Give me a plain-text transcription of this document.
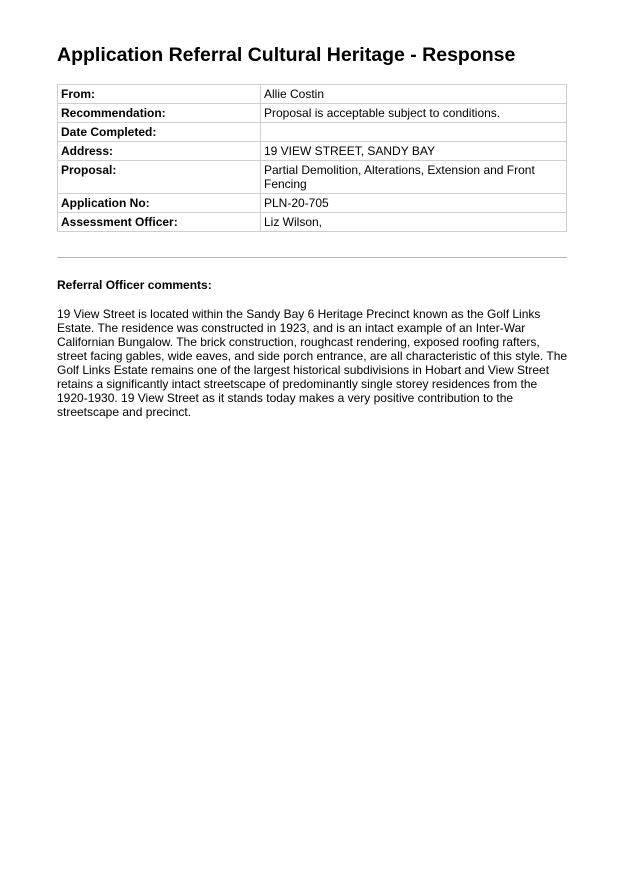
Application Referral Cultural Heritage - Response
From:	Allie Costin
Recommendation:	Proposal is acceptable subject to conditions.
Date Completed:	
Address:	19 VIEW STREET, SANDY BAY
Proposal:	Partial Demolition, Alterations, Extension and Front Fencing
Application No:	PLN-20-705
Assessment Officer:	Liz Wilson,
Referral Officer comments:

19 View Street is located within the Sandy Bay 6 Heritage Precinct known as the Golf Links Estate. The residence was constructed in 1923, and is an intact example of an Inter-War Californian Bungalow. The brick construction, roughcast rendering, exposed roofing rafters, street facing gables, wide eaves, and side porch entrance, are all characteristic of this style. The Golf Links Estate remains one of the largest historical subdivisions in Hobart and View Street retains a significantly intact streetscape of predominantly single storey residences from the 1920-1930. 19 View Street as it stands today makes a very positive contribution to the streetscape and precinct.
